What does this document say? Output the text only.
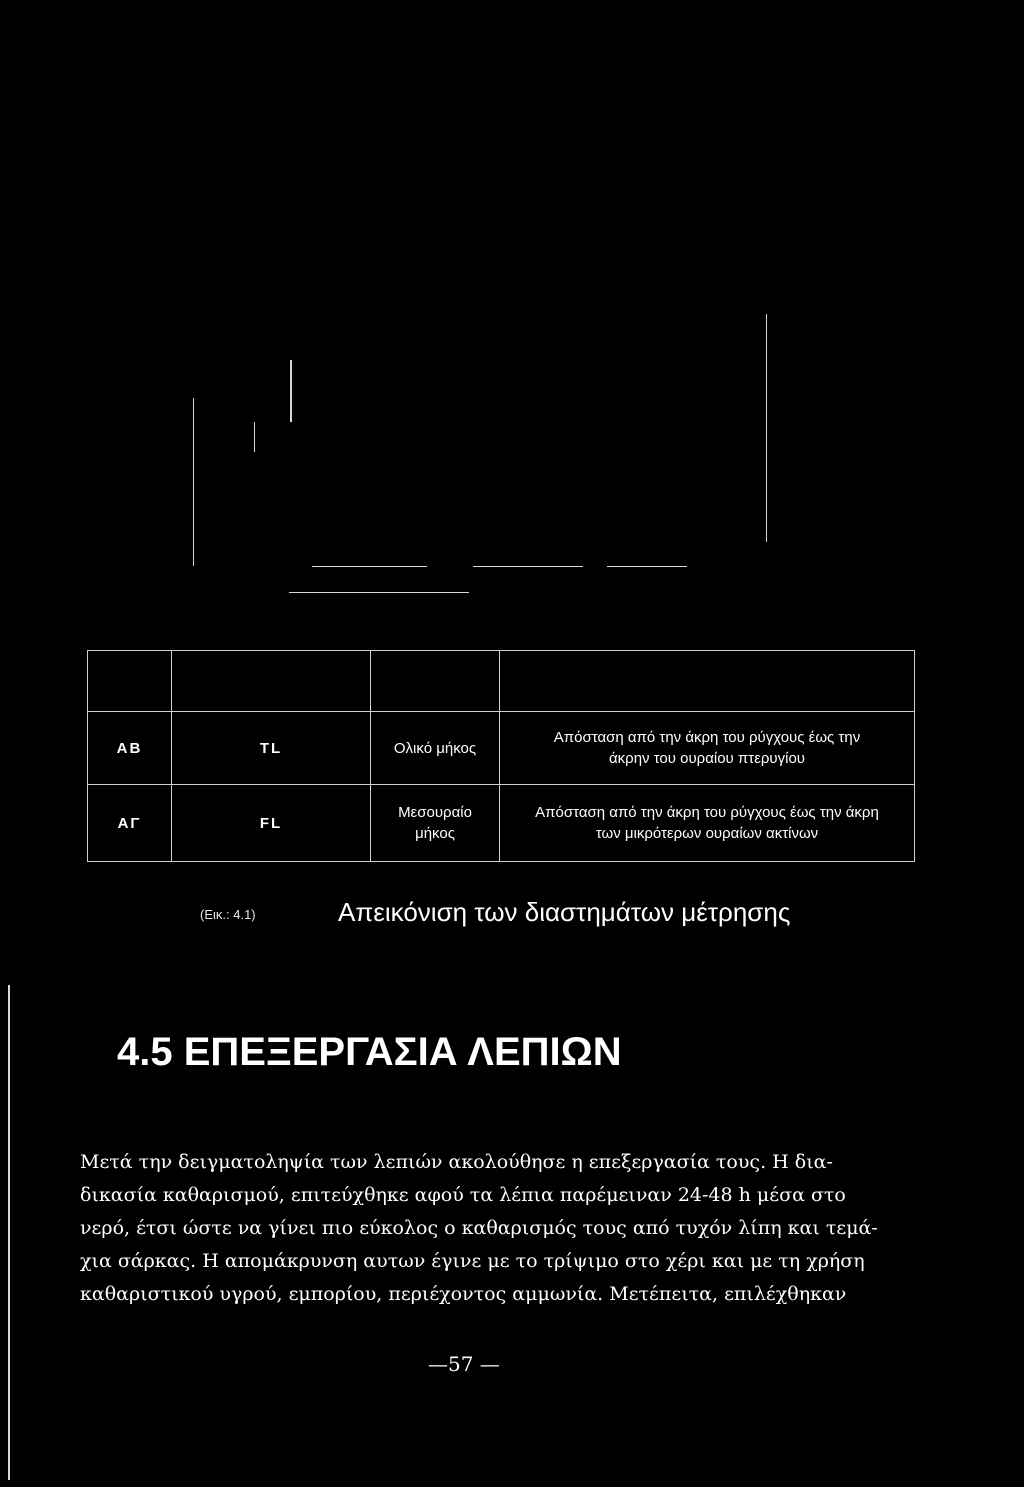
ΑΒ	TL	Ολικό μήκος	Απόσταση από την άκρη του ρύγχους έως την άκρην του ουραίου πτερυγίου
ΑΓ	FL	Μεσουραίο μήκος	Απόσταση από την άκρη του ρύγχους έως την άκρη των μικρότερων ουραίων ακτίνων
(Εικ.: 4.1)	Απεικόνιση των διαστημάτων μέτρησης
4.5 ΕΠΕΞΕΡΓΑΣΙΑ ΛΕΠΙΩΝ
Μετά την δειγματοληψία των λεπιών ακολούθησε η επεξεργασία τους. Η δια-
δικασία καθαρισμού, επιτεύχθηκε αφού τα λέπια παρέμειναν 24-48 h μέσα στο
νερό, έτσι ώστε να γίνει πιο εύκολος ο καθαρισμός τους από τυχόν λίπη και τεμά-
χια σάρκας. Η απομάκρυνση αυτων έγινε με το τρίψιμο στο χέρι και με τη χρήση
καθαριστικού υγρού, εμπορίου, περιέχοντος αμμωνία. Μετέπειτα, επιλέχθηκαν
—57 —
